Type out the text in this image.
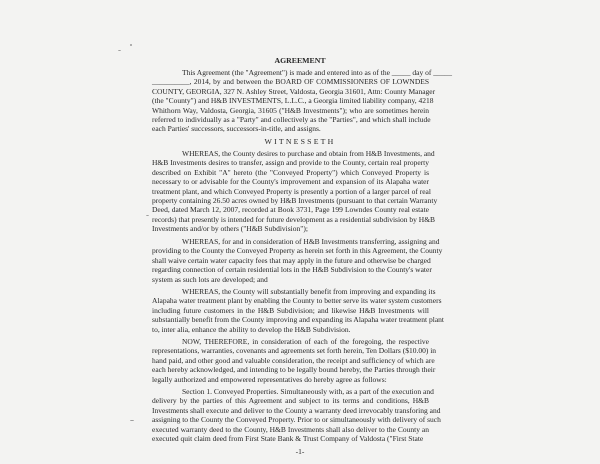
AGREEMENT
This Agreement (the "Agreement") is made and entered into as of the _____ day of _____
__________, 2014, by and between the BOARD OF COMMISSIONERS OF LOWNDES
COUNTY, GEORGIA, 327 N. Ashley Street, Valdosta, Georgia 31601, Attn: County Manager
(the "County") and H&B INVESTMENTS, L.L.C., a Georgia limited liability company, 4218
Whithorn Way, Valdosta, Georgia, 31605 ("H&B Investments"); who are sometimes herein
referred to individually as a "Party" and collectively as the "Parties", and which shall include
each Parties' successors, successors-in-title, and assigns.
WITNESSETH
WHEREAS, the County desires to purchase and obtain from H&B Investments, and
H&B Investments desires to transfer, assign and provide to the County, certain real property
described on Exhibit "A" hereto (the "Conveyed Property") which Conveyed Property is
necessary to or advisable for the County's improvement and expansion of its Alapaha water
treatment plant, and which Conveyed Property is presently a portion of a larger parcel of real
property containing 26.50 acres owned by H&B Investments (pursuant to that certain Warranty
Deed, dated March 12, 2007, recorded at Book 3731, Page 199 Lowndes County real estate
records) that presently is intended for future development as a residential subdivision by H&B
Investments and/or by others ("H&B Subdivision");
WHEREAS, for and in consideration of H&B Investments transferring, assigning and
providing to the County the Conveyed Property as herein set forth in this Agreement, the County
shall waive certain water capacity fees that may apply in the future and otherwise be charged
regarding connection of certain residential lots in the H&B Subdivision to the County's water
system as such lots are developed; and
WHEREAS, the County will substantially benefit from improving and expanding its
Alapaha water treatment plant by enabling the County to better serve its water system customers
including future customers in the H&B Subdivision; and likewise H&B Investments will
substantially benefit from the County improving and expanding its Alapaha water treatment plant
to, inter alia, enhance the ability to develop the H&B Subdivision.
NOW, THEREFORE, in consideration of each of the foregoing, the respective
representations, warranties, covenants and agreements set forth herein, Ten Dollars ($10.00) in
hand paid, and other good and valuable consideration, the receipt and sufficiency of which are
each hereby acknowledged, and intending to be legally bound hereby, the Parties through their
legally authorized and empowered representatives do hereby agree as follows:
Section 1. Conveyed Properties. Simultaneously with, as a part of the execution and
delivery by the parties of this Agreement and subject to its terms and conditions, H&B
Investments shall execute and deliver to the County a warranty deed irrevocably transforing and
assigning to the County the Conveyed Property. Prior to or simultaneously with delivery of such
executed warranty deed to the County, H&B Investments shall also deliver to the County an
executed quit claim deed from First State Bank & Trust Company of Valdosta ("First State
-1-
